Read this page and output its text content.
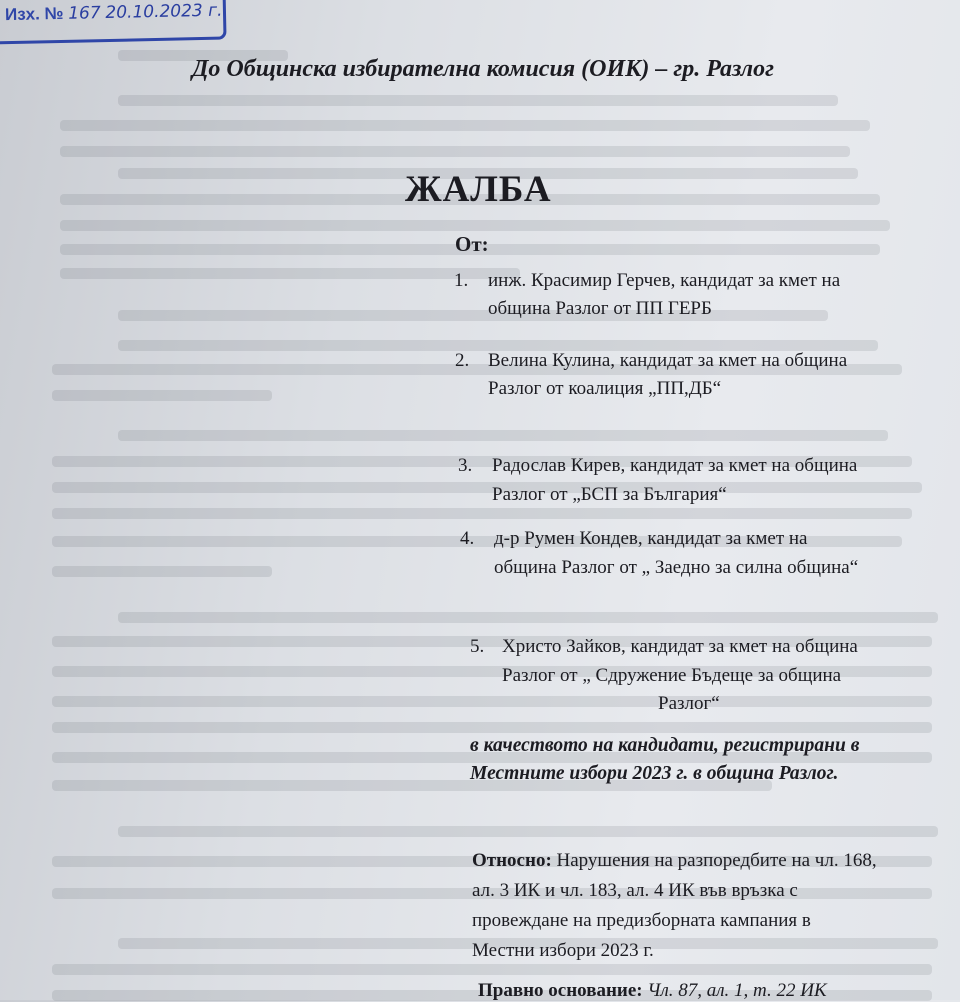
Изх. № 167 20.10.2023 г.
До Общинска избирателна комисия (ОИК) – гр. Разлог
ЖАЛБА
От:
1. инж. Красимир Герчев, кандидат за кмет на
община Разлог от ПП ГЕРБ
2. Велина Кулина, кандидат за кмет на община
Разлог от коалиция „ПП,ДБ“
3. Радослав Кирев, кандидат за кмет на община
Разлог от „БСП за България“
4. д-р Румен Кондев, кандидат за кмет на
община Разлог от „ Заедно за силна община“
5. Христо Зайков, кандидат за кмет на община
Разлог от „ Сдружение Бъдеще за община
Разлог“
в качеството на кандидати, регистрирани в
Местните избори 2023 г. в община Разлог.
Относно: Нарушения на разпоредбите на чл. 168,
ал. 3 ИК и чл. 183, ал. 4 ИК във връзка с
провеждане на предизборната кампания в
Местни избори 2023 г.
Правно основание: Чл. 87, ал. 1, т. 22 ИК
